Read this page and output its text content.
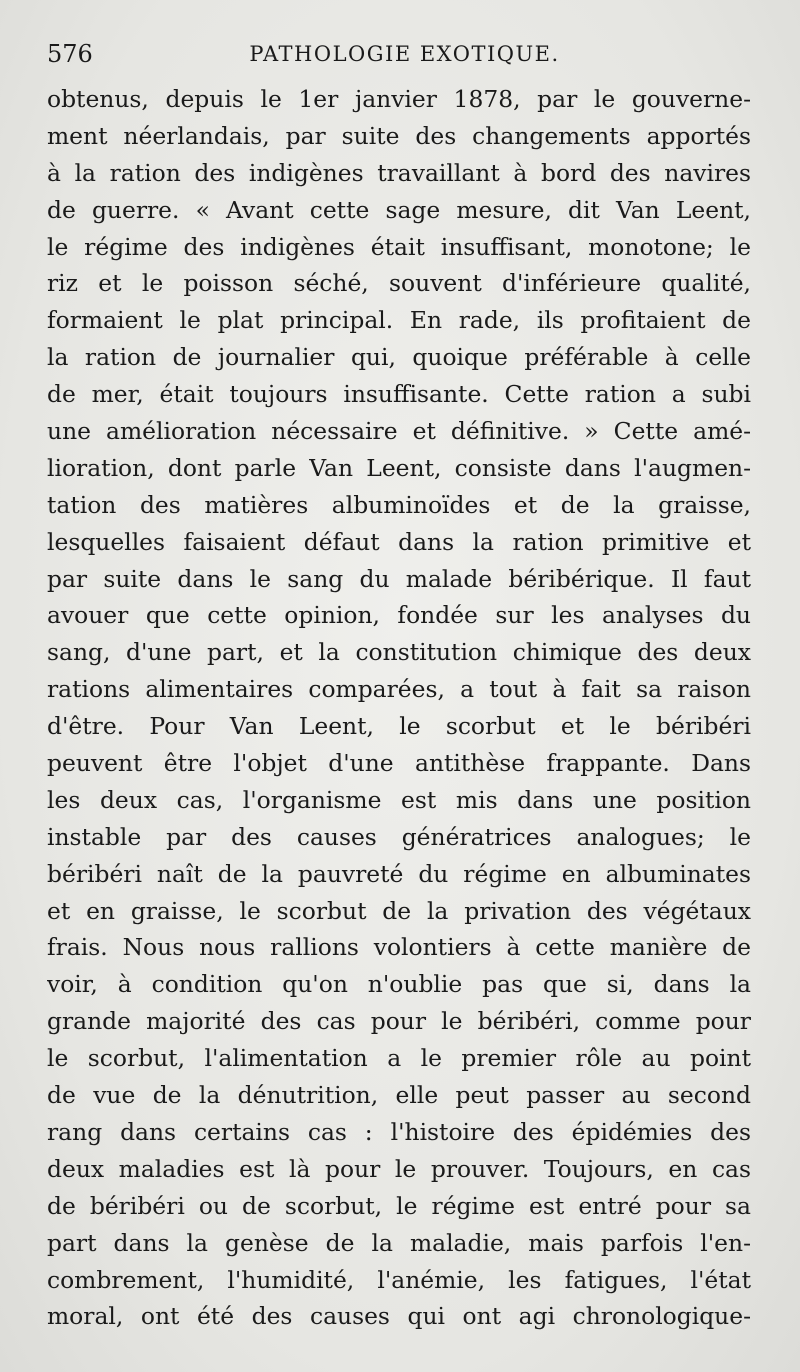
576	PATHOLOGIE EXOTIQUE.
obtenus, depuis le 1er janvier 1878, par le gouverne-
ment néerlandais, par suite des changements apportés
à la ration des indigènes travaillant à bord des navires
de guerre. « Avant cette sage mesure, dit Van Leent,
le régime des indigènes était insuffisant, monotone; le
riz et le poisson séché, souvent d'inférieure qualité,
formaient le plat principal. En rade, ils profitaient de
la ration de journalier qui, quoique préférable à celle
de mer, était toujours insuffisante. Cette ration a subi
une amélioration nécessaire et définitive. » Cette amé-
lioration, dont parle Van Leent, consiste dans l'augmen-
tation des matières albuminoïdes et de la graisse,
lesquelles faisaient défaut dans la ration primitive et
par suite dans le sang du malade béribérique. Il faut
avouer que cette opinion, fondée sur les analyses du
sang, d'une part, et la constitution chimique des deux
rations alimentaires comparées, a tout à fait sa raison
d'être. Pour Van Leent, le scorbut et le béribéri
peuvent être l'objet d'une antithèse frappante. Dans
les deux cas, l'organisme est mis dans une position
instable par des causes génératrices analogues; le
béribéri naît de la pauvreté du régime en albuminates
et en graisse, le scorbut de la privation des végétaux
frais. Nous nous rallions volontiers à cette manière de
voir, à condition qu'on n'oublie pas que si, dans la
grande majorité des cas pour le béribéri, comme pour
le scorbut, l'alimentation a le premier rôle au point
de vue de la dénutrition, elle peut passer au second
rang dans certains cas : l'histoire des épidémies des
deux maladies est là pour le prouver. Toujours, en cas
de béribéri ou de scorbut, le régime est entré pour sa
part dans la genèse de la maladie, mais parfois l'en-
combrement, l'humidité, l'anémie, les fatigues, l'état
moral, ont été des causes qui ont agi chronologique-
